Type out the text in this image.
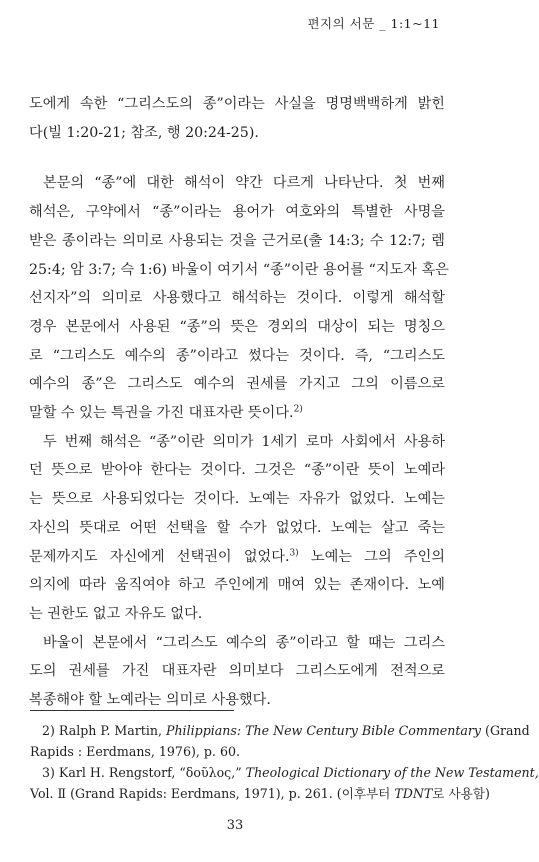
편지의 서문 _ 1:1~11
도에게 속한 “그리스도의 종”이라는 사실을 명명백백하게 밝힌
다(빌 1:20-21; 참조, 행 20:24-25).
본문의 “종”에 대한 해석이 약간 다르게 나타난다. 첫 번째
해석은, 구약에서 “종”이라는 용어가 여호와의 특별한 사명을
받은 종이라는 의미로 사용되는 것을 근거로(출 14:3; 수 12:7; 렘
25:4; 암 3:7; 슥 1:6) 바울이 여기서 “종”이란 용어를 “지도자 혹은
선지자”의 의미로 사용했다고 해석하는 것이다. 이렇게 해석할
경우 본문에서 사용된 “종”의 뜻은 경외의 대상이 되는 명칭으
로 “그리스도 예수의 종”이라고 썼다는 것이다. 즉, “그리스도
예수의 종”은 그리스도 예수의 권세를 가지고 그의 이름으로
말할 수 있는 특권을 가진 대표자란 뜻이다.$^{2)}$
두 번째 해석은 “종”이란 의미가 1세기 로마 사회에서 사용하
던 뜻으로 받아야 한다는 것이다. 그것은 “종”이란 뜻이 노예라
는 뜻으로 사용되었다는 것이다. 노예는 자유가 없었다. 노예는
자신의 뜻대로 어떤 선택을 할 수가 없었다. 노예는 살고 죽는
문제까지도 자신에게 선택권이 없었다.$^{3)}$ 노예는 그의 주인의
의지에 따라 움직여야 하고 주인에게 매여 있는 존재이다. 노예
는 권한도 없고 자유도 없다.
바울이 본문에서 “그리스도 예수의 종”이라고 할 때는 그리스
도의 권세를 가진 대표자란 의미보다 그리스도에게 전적으로
복종해야 할 노예라는 의미로 사용했다.
2) Ralph P. Martin, Philippians: The New Century Bible Commentary (Grand
Rapids : Eerdmans, 1976), p. 60.
3) Karl H. Rengstorf, “δοῦλος,” Theological Dictionary of the New Testament,
Vol. Ⅱ (Grand Rapids: Eerdmans, 1971), p. 261. (이후부터 TDNT로 사용함)
33
